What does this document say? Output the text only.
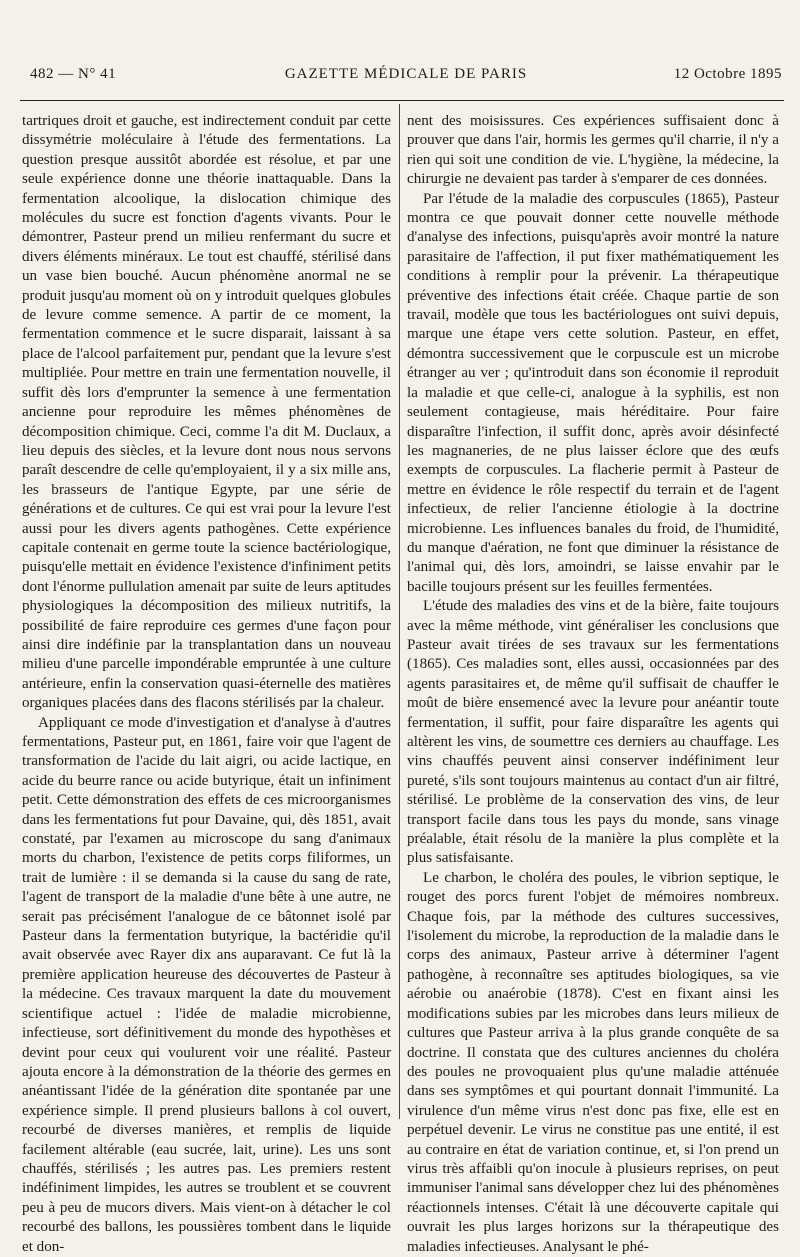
482 — N° 41	GAZETTE MÉDICALE DE PARIS	12 Octobre 1895

tartriques droit et gauche, est indirectement conduit par cette dissymétrie moléculaire à l'étude des fermentations. La question presque aussitôt abordée est résolue, et par une seule expérience donne une théorie inattaquable. Dans la fermentation alcoolique, la dislocation chimique des molécules du sucre est fonction d'agents vivants. Pour le démontrer, Pasteur prend un milieu renfermant du sucre et divers éléments minéraux. Le tout est chauffé, stérilisé dans un vase bien bouché. Aucun phénomène anormal ne se produit jusqu'au moment où on y introduit quelques globules de levure comme semence. A partir de ce moment, la fermentation commence et le sucre disparait, laissant à sa place de l'alcool parfaitement pur, pendant que la levure s'est multipliée. Pour mettre en train une fermentation nouvelle, il suffit dès lors d'emprunter la semence à une fermentation ancienne pour reproduire les mêmes phénomènes de décomposition chimique. Ceci, comme l'a dit M. Duclaux, a lieu depuis des siècles, et la levure dont nous nous servons paraît descendre de celle qu'employaient, il y a six mille ans, les brasseurs de l'antique Egypte, par une série de générations et de cultures. Ce qui est vrai pour la levure l'est aussi pour les divers agents pathogènes. Cette expérience capitale contenait en germe toute la science bactériologique, puisqu'elle mettait en évidence l'existence d'infiniment petits dont l'énorme pullulation amenait par suite de leurs aptitudes physiologiques la décomposition des milieux nutritifs, la possibilité de faire reproduire ces germes d'une façon pour ainsi dire indéfinie par la transplantation dans un nouveau milieu d'une parcelle impondérable empruntée à une culture antérieure, enfin la conservation quasi-éternelle des matières organiques placées dans des flacons stérilisés par la chaleur.

Appliquant ce mode d'investigation et d'analyse à d'autres fermentations, Pasteur put, en 1861, faire voir que l'agent de transformation de l'acide du lait aigri, ou acide lactique, en acide du beurre rance ou acide butyrique, était un infiniment petit. Cette démonstration des effets de ces microorganismes dans les fermentations fut pour Davaine, qui, dès 1851, avait constaté, par l'examen au microscope du sang d'animaux morts du charbon, l'existence de petits corps filiformes, un trait de lumière : il se demanda si la cause du sang de rate, l'agent de transport de la maladie d'une bête à une autre, ne serait pas précisément l'analogue de ce bâtonnet isolé par Pasteur dans la fermentation butyrique, la bactéridie qu'il avait observée avec Rayer dix ans auparavant. Ce fut là la première application heureuse des découvertes de Pasteur à la médecine. Ces travaux marquent la date du mouvement scientifique actuel : l'idée de maladie microbienne, infectieuse, sort définitivement du monde des hypothèses et devint pour ceux qui voulurent voir une réalité. Pasteur ajouta encore à la démonstration de la théorie des germes en anéantissant l'idée de la génération dite spontanée par une expérience simple. Il prend plusieurs ballons à col ouvert, recourbé de diverses manières, et remplis de liquide facilement altérable (eau sucrée, lait, urine). Les uns sont chauffés, stérilisés ; les autres pas. Les premiers restent indéfiniment limpides, les autres se troublent et se couvrent peu à peu de mucors divers. Mais vient-on à détacher le col recourbé des ballons, les poussières tombent dans le liquide et don-

nent des moisissures. Ces expériences suffisaient donc à prouver que dans l'air, hormis les germes qu'il charrie, il n'y a rien qui soit une condition de vie. L'hygiène, la médecine, la chirurgie ne devaient pas tarder à s'emparer de ces données.

Par l'étude de la maladie des corpuscules (1865), Pasteur montra ce que pouvait donner cette nouvelle méthode d'analyse des infections, puisqu'après avoir montré la nature parasitaire de l'affection, il put fixer mathématiquement les conditions à remplir pour la prévenir. La thérapeutique préventive des infections était créée. Chaque partie de son travail, modèle que tous les bactériologues ont suivi depuis, marque une étape vers cette solution. Pasteur, en effet, démontra successivement que le corpuscule est un microbe étranger au ver ; qu'introduit dans son économie il reproduit la maladie et que celle-ci, analogue à la syphilis, est non seulement contagieuse, mais héréditaire. Pour faire disparaître l'infection, il suffit donc, après avoir désinfecté les magnaneries, de ne plus laisser éclore que des œufs exempts de corpuscules. La flacherie permit à Pasteur de mettre en évidence le rôle respectif du terrain et de l'agent infectieux, de relier l'ancienne étiologie à la doctrine microbienne. Les influences banales du froid, de l'humidité, du manque d'aération, ne font que diminuer la résistance de l'animal qui, dès lors, amoindri, se laisse envahir par le bacille toujours présent sur les feuilles fermentées.

L'étude des maladies des vins et de la bière, faite toujours avec la même méthode, vint généraliser les conclusions que Pasteur avait tirées de ses travaux sur les fermentations (1865). Ces maladies sont, elles aussi, occasionnées par des agents parasitaires et, de même qu'il suffisait de chauffer le moût de bière ensemencé avec la levure pour anéantir toute fermentation, il suffit, pour faire disparaître les agents qui altèrent les vins, de soumettre ces derniers au chauffage. Les vins chauffés peuvent ainsi conserver indéfiniment leur pureté, s'ils sont toujours maintenus au contact d'un air filtré, stérilisé. Le problème de la conservation des vins, de leur transport facile dans tous les pays du monde, sans vinage préalable, était résolu de la manière la plus complète et la plus satisfaisante.

Le charbon, le choléra des poules, le vibrion septique, le rouget des porcs furent l'objet de mémoires nombreux. Chaque fois, par la méthode des cultures successives, l'isolement du microbe, la reproduction de la maladie dans le corps des animaux, Pasteur arrive à déterminer l'agent pathogène, à reconnaître ses aptitudes biologiques, sa vie aérobie ou anaérobie (1878). C'est en fixant ainsi les modifications subies par les microbes dans leurs milieux de cultures que Pasteur arriva à la plus grande conquête de sa doctrine. Il constata que des cultures anciennes du choléra des poules ne provoquaient plus qu'une maladie atténuée dans ses symptômes et qui pourtant donnait l'immunité. La virulence d'un même virus n'est donc pas fixe, elle est en perpétuel devenir. Le virus ne constitue pas une entité, il est au contraire en état de variation continue, et, si l'on prend un virus très affaibli qu'on inocule à plusieurs reprises, on peut immuniser l'animal sans développer chez lui des phénomènes réactionnels intenses. C'était là une découverte capitale qui ouvrait les plus larges horizons sur la thérapeutique des maladies infectieuses. Analysant le phé-
